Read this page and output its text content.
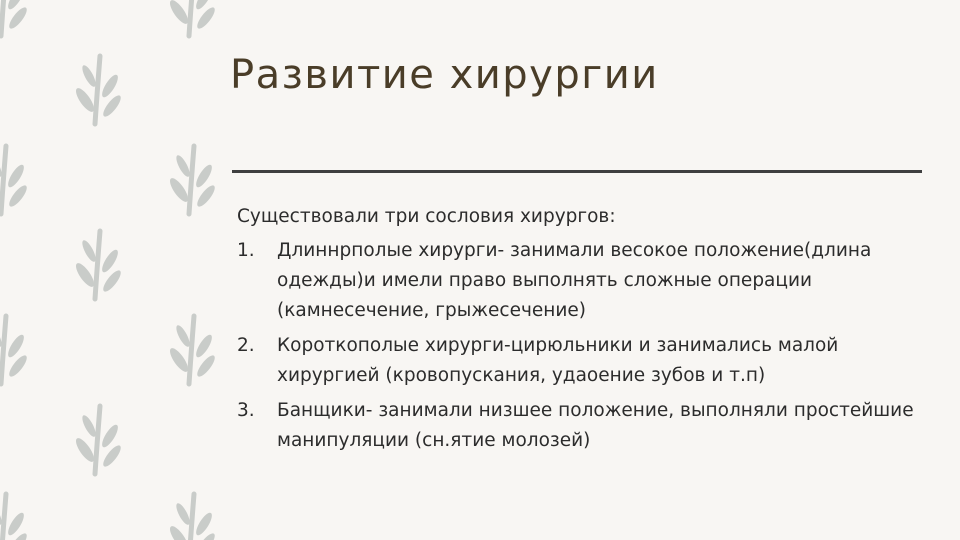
Развитие хирургии

Существовали три сословия хирургов:

1. Длиннрполые хирурги- занимали весокое положение(длина одежды)и имели право выполнять сложные операции (камнесечение, грыжесечение)
2. Короткополые хирурги-цирюльники и занимались малой хирургией (кровопускания, удаоение зубов и т.п)
3. Банщики- занимали низшее положение, выполняли простейшие манипуляции (сн.ятие молозей)
